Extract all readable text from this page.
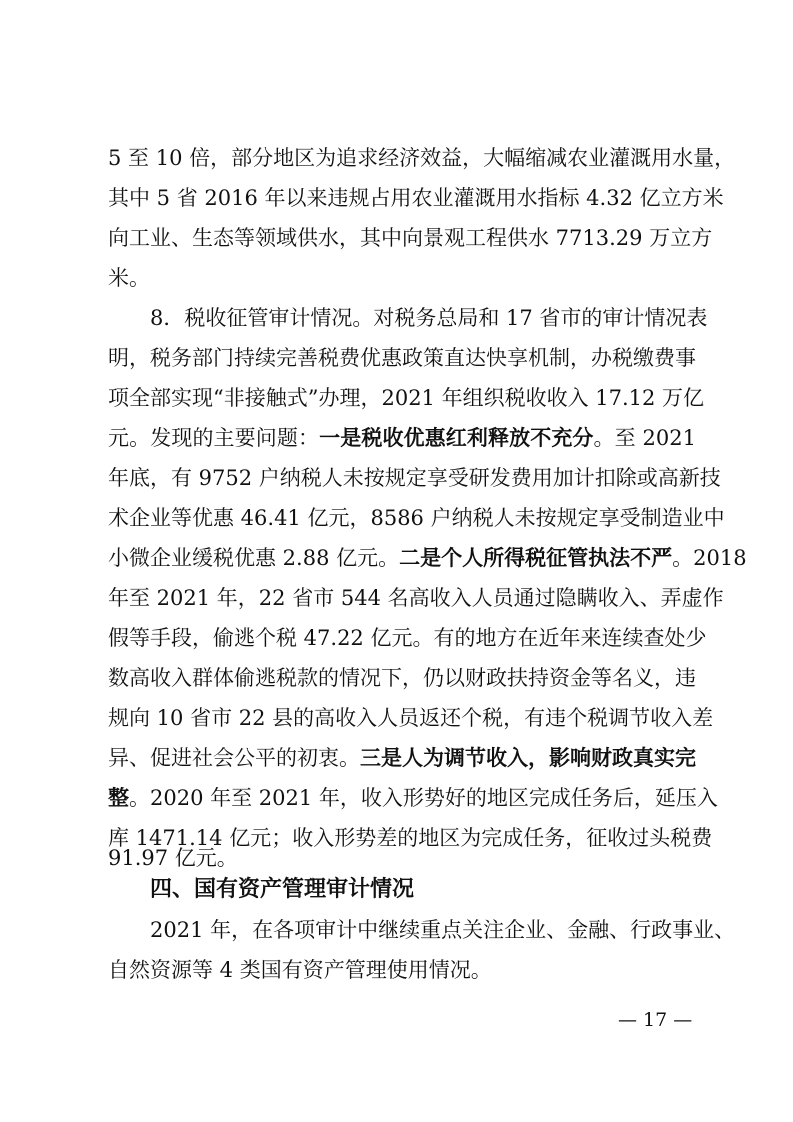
5 至 10 倍，部分地区为追求经济效益，大幅缩减农业灌溉用水量，
其中 5 省 2016 年以来违规占用农业灌溉用水指标 4.32 亿立方米
向工业、生态等领域供水，其中向景观工程供水 7713.29 万立方
米。
8．税收征管审计情况。对税务总局和 17 省市的审计情况表
明，税务部门持续完善税费优惠政策直达快享机制，办税缴费事
项全部实现“非接触式”办理，2021 年组织税收收入 17.12 万亿
元。发现的主要问题：一是税收优惠红利释放不充分。至 2021
年底，有 9752 户纳税人未按规定享受研发费用加计扣除或高新技
术企业等优惠 46.41 亿元，8586 户纳税人未按规定享受制造业中
小微企业缓税优惠 2.88 亿元。二是个人所得税征管执法不严。2018
年至 2021 年，22 省市 544 名高收入人员通过隐瞒收入、弄虚作
假等手段，偷逃个税 47.22 亿元。有的地方在近年来连续查处少
数高收入群体偷逃税款的情况下，仍以财政扶持资金等名义，违
规向 10 省市 22 县的高收入人员返还个税，有违个税调节收入差
异、促进社会公平的初衷。三是人为调节收入，影响财政真实完
整。2020 年至 2021 年，收入形势好的地区完成任务后，延压入
库 1471.14 亿元；收入形势差的地区为完成任务，征收过头税费
91.97 亿元。
四、国有资产管理审计情况
2021 年，在各项审计中继续重点关注企业、金融、行政事业、
自然资源等 4 类国有资产管理使用情况。
— 17 —
